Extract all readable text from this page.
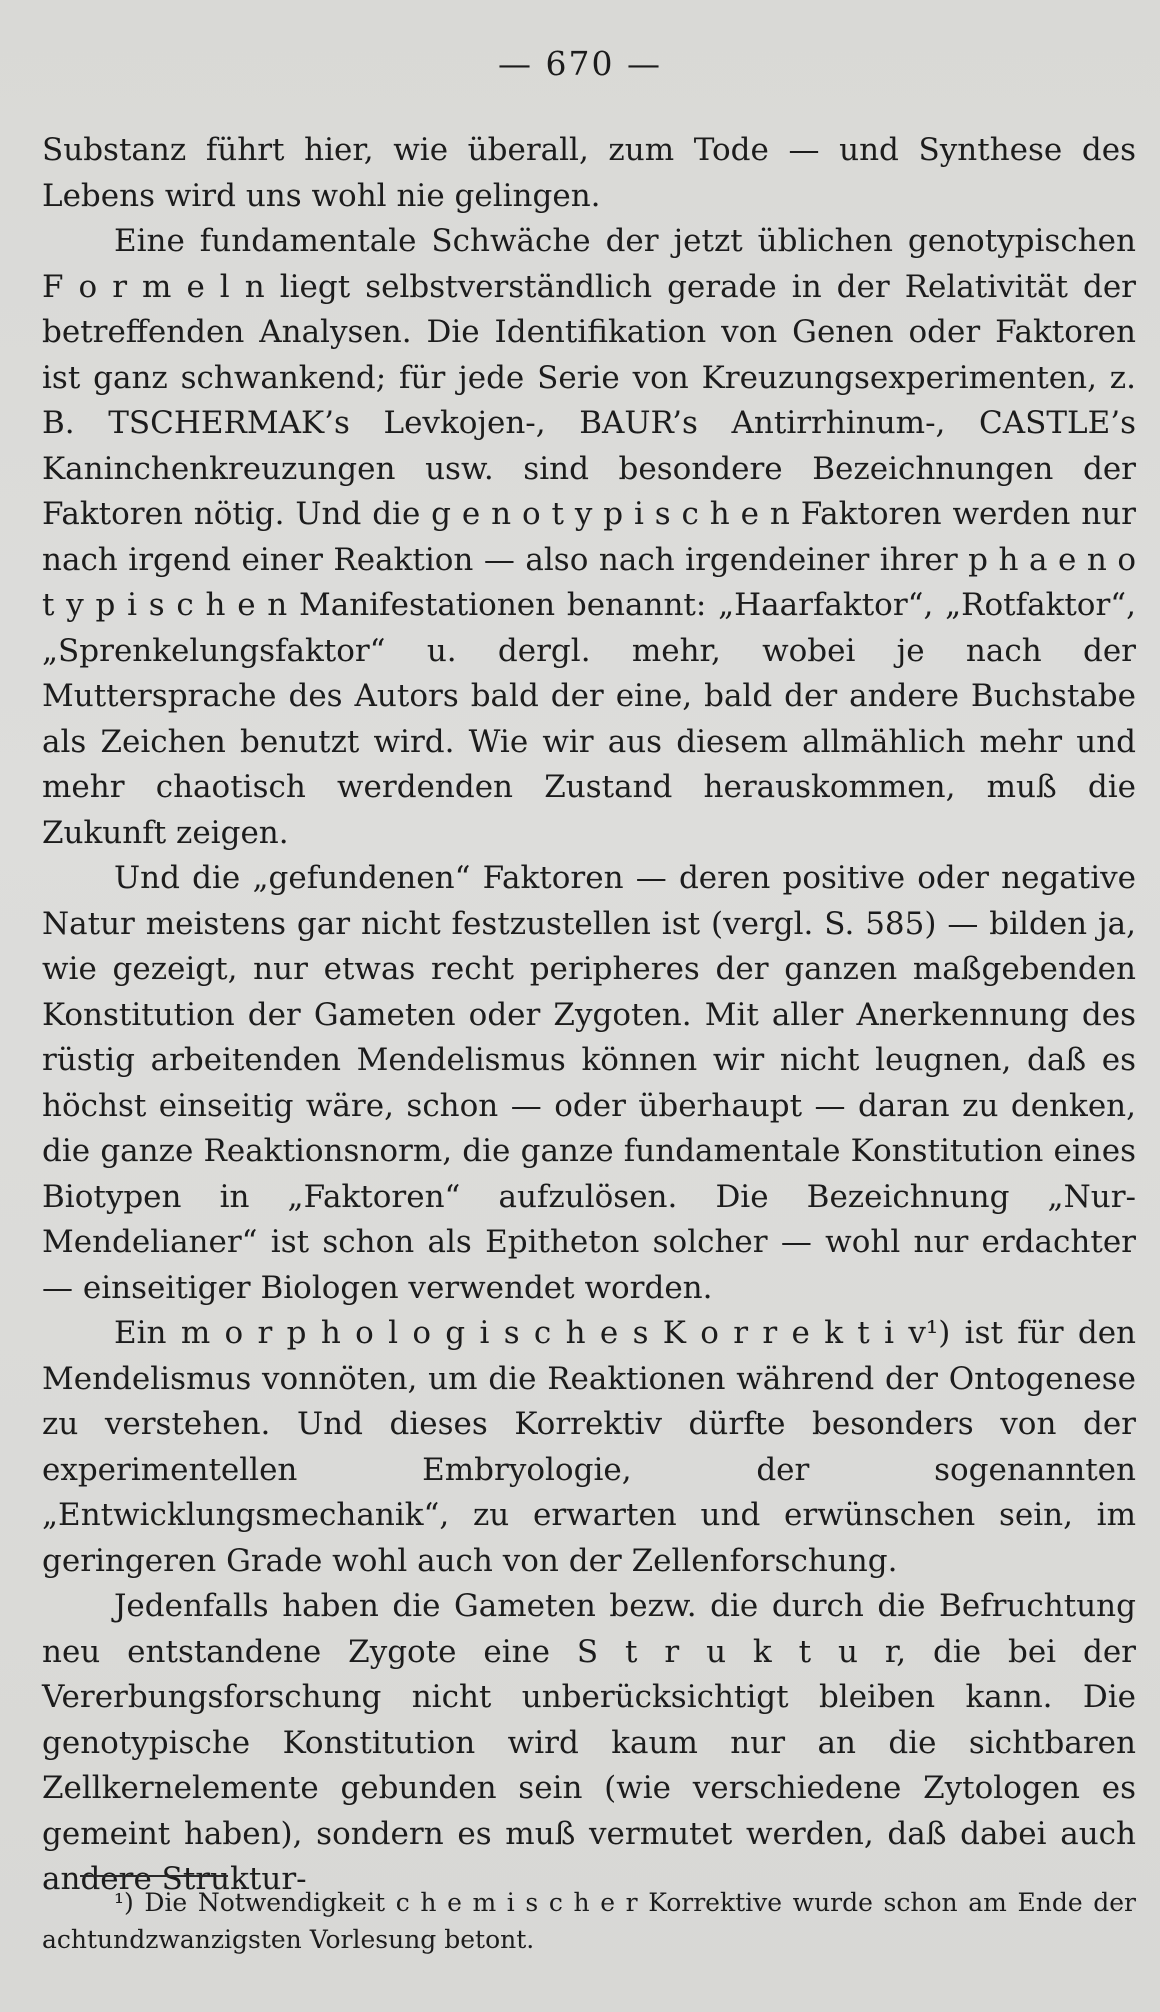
— 670 —

Substanz führt hier, wie überall, zum Tode — und Synthese des Lebens wird uns wohl nie gelingen.

Eine fundamentale Schwäche der jetzt üblichen genotypischen F o r m e l n liegt selbstverständlich gerade in der Relativität der betreffenden Analysen. Die Identifikation von Genen oder Faktoren ist ganz schwankend; für jede Serie von Kreuzungsexperimenten, z. B. TSCHERMAK’s Levkojen-, BAUR’s Antirrhinum-, CASTLE’s Kaninchenkreuzungen usw. sind besondere Bezeichnungen der Faktoren nötig. Und die g e n o t y p i s c h e n Faktoren werden nur nach irgend einer Reaktion — also nach irgendeiner ihrer p h a e n o t y p i s c h e n Manifestationen benannt: „Haarfaktor“, „Rotfaktor“, „Sprenkelungsfaktor“ u. dergl. mehr, wobei je nach der Muttersprache des Autors bald der eine, bald der andere Buchstabe als Zeichen benutzt wird. Wie wir aus diesem allmählich mehr und mehr chaotisch werdenden Zustand herauskommen, muß die Zukunft zeigen.

Und die „gefundenen“ Faktoren — deren positive oder negative Natur meistens gar nicht festzustellen ist (vergl. S. 585) — bilden ja, wie gezeigt, nur etwas recht peripheres der ganzen maßgebenden Konstitution der Gameten oder Zygoten. Mit aller Anerkennung des rüstig arbeitenden Mendelismus können wir nicht leugnen, daß es höchst einseitig wäre, schon — oder überhaupt — daran zu denken, die ganze Reaktionsnorm, die ganze fundamentale Konstitution eines Biotypen in „Faktoren“ aufzulösen. Die Bezeichnung „Nur-Mendelianer“ ist schon als Epitheton solcher — wohl nur erdachter — einseitiger Biologen verwendet worden.

Ein m o r p h o l o g i s c h e s K o r r e k t i v¹) ist für den Mendelismus vonnöten, um die Reaktionen während der Ontogenese zu verstehen. Und dieses Korrektiv dürfte besonders von der experimentellen Embryologie, der sogenannten „Entwicklungsmechanik“, zu erwarten und erwünschen sein, im geringeren Grade wohl auch von der Zellenforschung.

Jedenfalls haben die Gameten bezw. die durch die Befruchtung neu entstandene Zygote eine S t r u k t u r, die bei der Vererbungsforschung nicht unberücksichtigt bleiben kann. Die genotypische Konstitution wird kaum nur an die sichtbaren Zellkernelemente gebunden sein (wie verschiedene Zytologen es gemeint haben), sondern es muß vermutet werden, daß dabei auch andere Struktur-

¹) Die Notwendigkeit c h e m i s c h e r Korrektive wurde schon am Ende der achtundzwanzigsten Vorlesung betont.
